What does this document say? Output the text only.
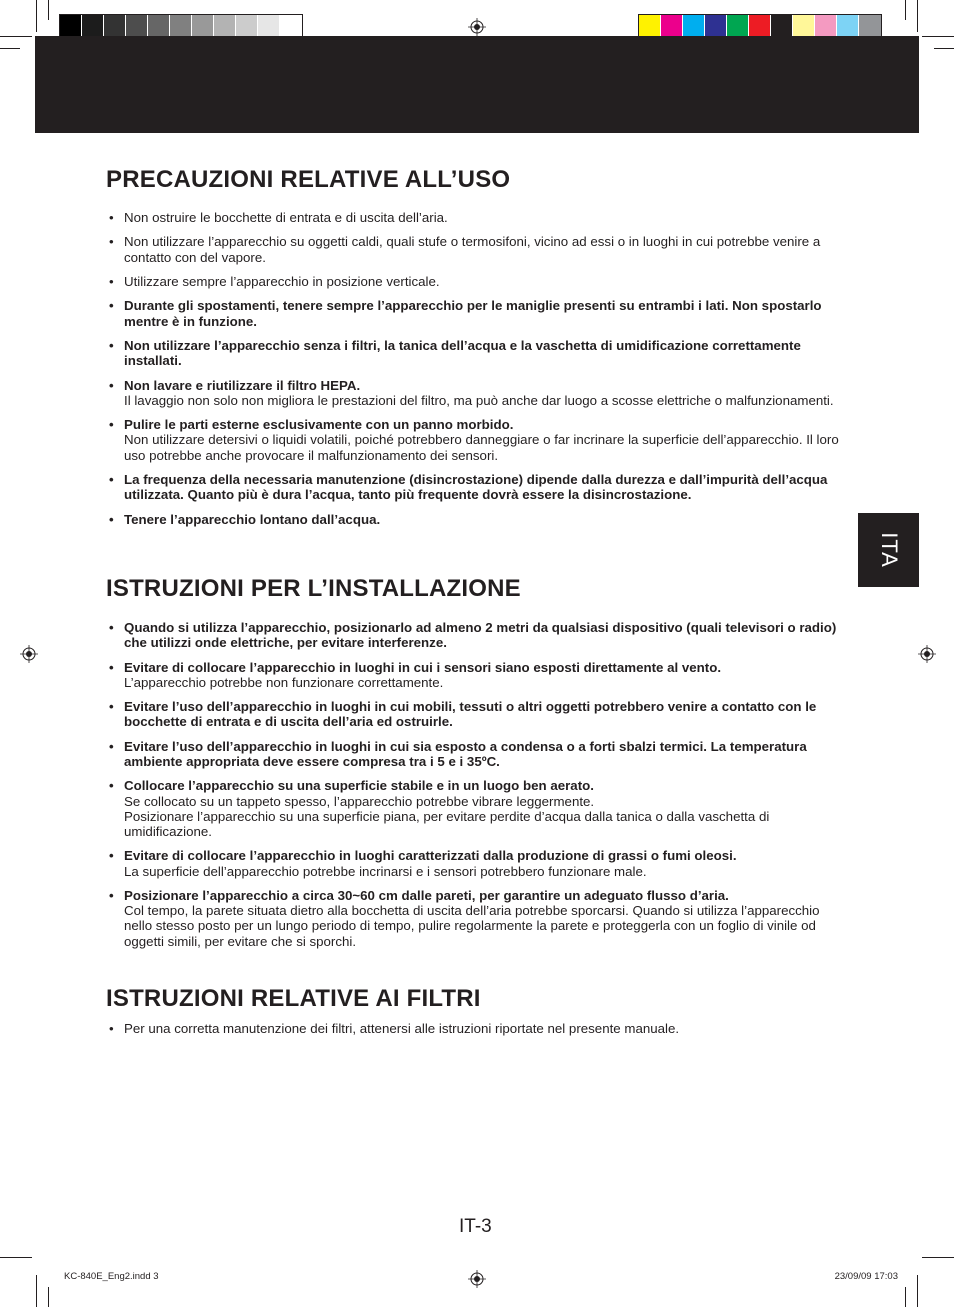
ITA
PRECAUZIONI RELATIVE ALL’USO
• Non ostruire le bocchette di entrata e di uscita dell’aria.
• Non utilizzare l’apparecchio su oggetti caldi, quali stufe o termosifoni, vicino ad essi o in luoghi in cui potrebbe venire a contatto con del vapore.
• Utilizzare sempre l’apparecchio in posizione verticale.
• Durante gli spostamenti, tenere sempre l’apparecchio per le maniglie presenti su entrambi i lati. Non spostarlo mentre è in funzione.
• Non utilizzare l’apparecchio senza i filtri, la tanica dell’acqua e la vaschetta di umidificazione correttamente installati.
• Non lavare e riutilizzare il filtro HEPA.
Il lavaggio non solo non migliora le prestazioni del filtro, ma può anche dar luogo a scosse elettriche o malfunzionamenti.
• Pulire le parti esterne esclusivamente con un panno morbido.
Non utilizzare detersivi o liquidi volatili, poiché potrebbero danneggiare o far incrinare la superficie dell’apparecchio. Il loro uso potrebbe anche provocare il malfunzionamento dei sensori.
• La frequenza della necessaria manutenzione (disincrostazione) dipende dalla durezza e dall’impurità dell’acqua utilizzata. Quanto più è dura l’acqua, tanto più frequente dovrà essere la disincrostazione.
• Tenere l’apparecchio lontano dall’acqua.
ISTRUZIONI PER L’INSTALLAZIONE
• Quando si utilizza l’apparecchio, posizionarlo ad almeno 2 metri da qualsiasi dispositivo (quali televisori o radio) che utilizzi onde elettriche, per evitare interferenze.
• Evitare di collocare l’apparecchio in luoghi in cui i sensori siano esposti direttamente al vento.
L’apparecchio potrebbe non funzionare correttamente.
• Evitare l’uso dell’apparecchio in luoghi in cui mobili, tessuti o altri oggetti potrebbero venire a contatto con le bocchette di entrata e di uscita dell’aria ed ostruirle.
• Evitare l’uso dell’apparecchio in luoghi in cui sia esposto a condensa o a forti sbalzi termici. La temperatura ambiente appropriata deve essere compresa tra i 5 e i 35ºC.
• Collocare l’apparecchio su una superficie stabile e in un luogo ben aerato.
Se collocato su un tappeto spesso, l’apparecchio potrebbe vibrare leggermente.
Posizionare l’apparecchio su una superficie piana, per evitare perdite d’acqua dalla tanica o dalla vaschetta di umidificazione.
• Evitare di collocare l’apparecchio in luoghi caratterizzati dalla produzione di grassi o fumi oleosi.
La superficie dell’apparecchio potrebbe incrinarsi e i sensori potrebbero funzionare male.
• Posizionare l’apparecchio a circa 30~60 cm dalle pareti, per garantire un adeguato flusso d’aria.
Col tempo, la parete situata dietro alla bocchetta di uscita dell’aria potrebbe sporcarsi. Quando si utilizza l’apparecchio nello stesso posto per un lungo periodo di tempo, pulire regolarmente la parete e proteggerla con un foglio di vinile od oggetti simili, per evitare che si sporchi.
ISTRUZIONI RELATIVE AI FILTRI
• Per una corretta manutenzione dei filtri, attenersi alle istruzioni riportate nel presente manuale.
IT-3
KC-840E_Eng2.indd 3	23/09/09 17:03
